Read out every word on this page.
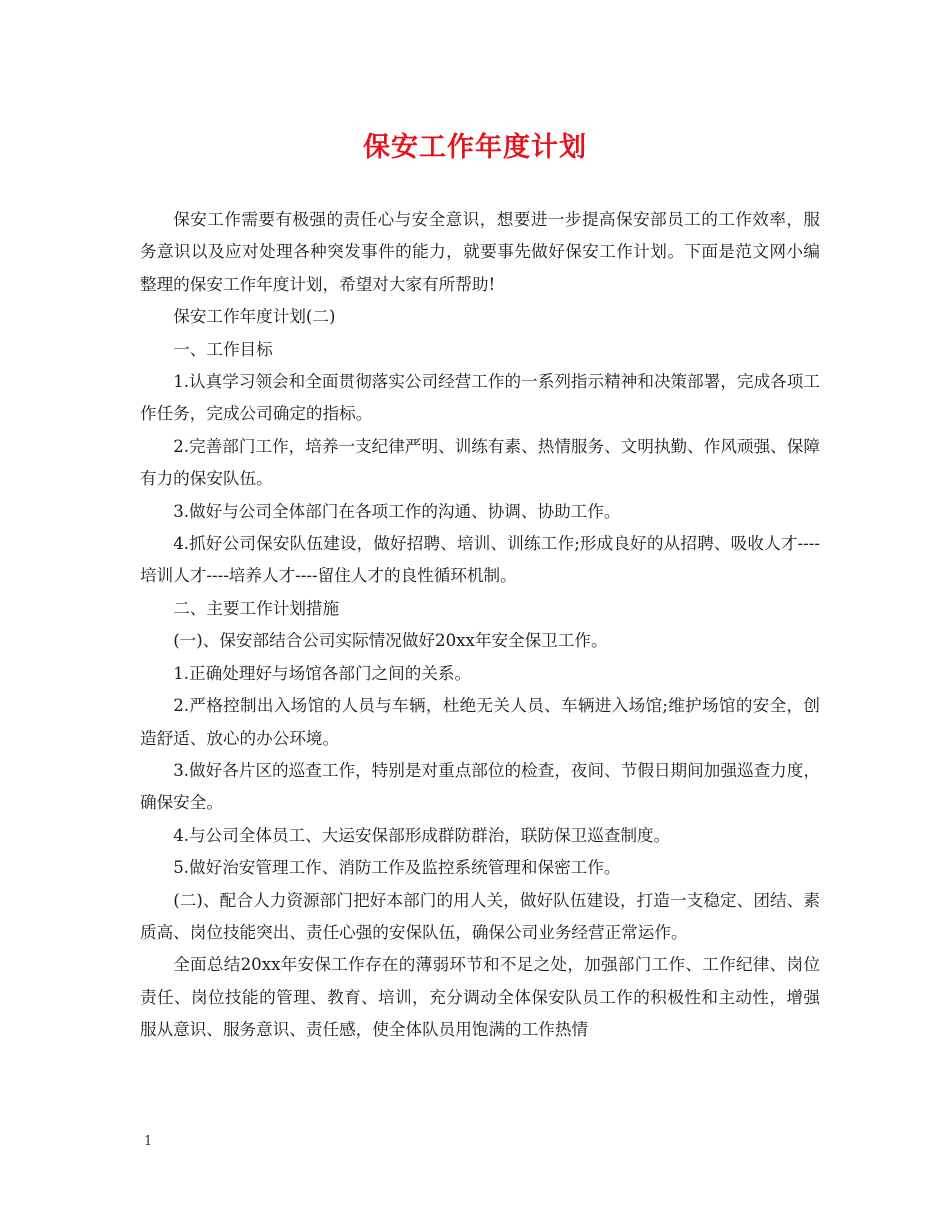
保安工作年度计划

保安工作需要有极强的责任心与安全意识，想要进一步提高保安部员工的工作效率，服务意识以及应对处理各种突发事件的能力，就要事先做好保安工作计划。下面是范文网小编整理的保安工作年度计划，希望对大家有所帮助!

保安工作年度计划(二)

一、工作目标

1.认真学习领会和全面贯彻落实公司经营工作的一系列指示精神和决策部署，完成各项工作任务，完成公司确定的指标。

2.完善部门工作，培养一支纪律严明、训练有素、热情服务、文明执勤、作风顽强、保障有力的保安队伍。

3.做好与公司全体部门在各项工作的沟通、协调、协助工作。

4.抓好公司保安队伍建设，做好招聘、培训、训练工作;形成良好的从招聘、吸收人才---- 培训人才----培养人才----留住人才的良性循环机制。

二、主要工作计划措施

(一)、保安部结合公司实际情况做好20xx年安全保卫工作。

1.正确处理好与场馆各部门之间的关系。

2.严格控制出入场馆的人员与车辆，杜绝无关人员、车辆进入场馆;维护场馆的安全，创造舒适、放心的办公环境。

3.做好各片区的巡查工作，特别是对重点部位的检查，夜间、节假日期间加强巡查力度，确保安全。

4.与公司全体员工、大运安保部形成群防群治，联防保卫巡查制度。

5.做好治安管理工作、消防工作及监控系统管理和保密工作。

(二)、配合人力资源部门把好本部门的用人关，做好队伍建设，打造一支稳定、团结、素质高、岗位技能突出、责任心强的安保队伍，确保公司业务经营正常运作。

全面总结20xx年安保工作存在的薄弱环节和不足之处，加强部门工作、工作纪律、岗位责任、岗位技能的管理、教育、培训，充分调动全体保安队员工作的积极性和主动性，增强服从意识、服务意识、责任感，使全体队员用饱满的工作热情

1
